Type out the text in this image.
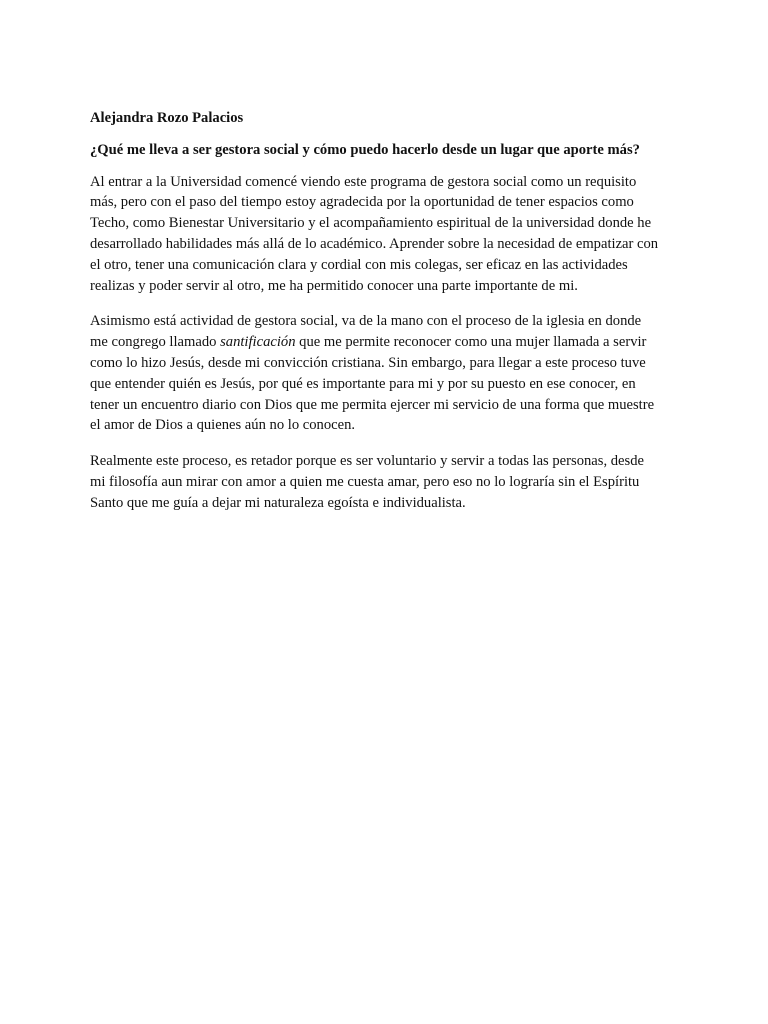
Alejandra Rozo Palacios

¿Qué me lleva a ser gestora social y cómo puedo hacerlo desde un lugar que aporte más?

Al entrar a la Universidad comencé viendo este programa de gestora social como un requisito
más, pero con el paso del tiempo estoy agradecida por la oportunidad de tener espacios como
Techo, como Bienestar Universitario y el acompañamiento espiritual de la universidad donde he
desarrollado habilidades más allá de lo académico. Aprender sobre la necesidad de empatizar con
el otro, tener una comunicación clara y cordial con mis colegas, ser eficaz en las actividades
realizas y poder servir al otro, me ha permitido conocer una parte importante de mi.

Asimismo está actividad de gestora social, va de la mano con el proceso de la iglesia en donde
me congrego llamado santificación que me permite reconocer como una mujer llamada a servir
como lo hizo Jesús, desde mi convicción cristiana. Sin embargo, para llegar a este proceso tuve
que entender quién es Jesús, por qué es importante para mi y por su puesto en ese conocer, en
tener un encuentro diario con Dios que me permita ejercer mi servicio de una forma que muestre
el amor de Dios a quienes aún no lo conocen.

Realmente este proceso, es retador porque es ser voluntario y servir a todas las personas, desde
mi filosofía aun mirar con amor a quien me cuesta amar, pero eso no lo lograría sin el Espíritu
Santo que me guía a dejar mi naturaleza egoísta e individualista.
